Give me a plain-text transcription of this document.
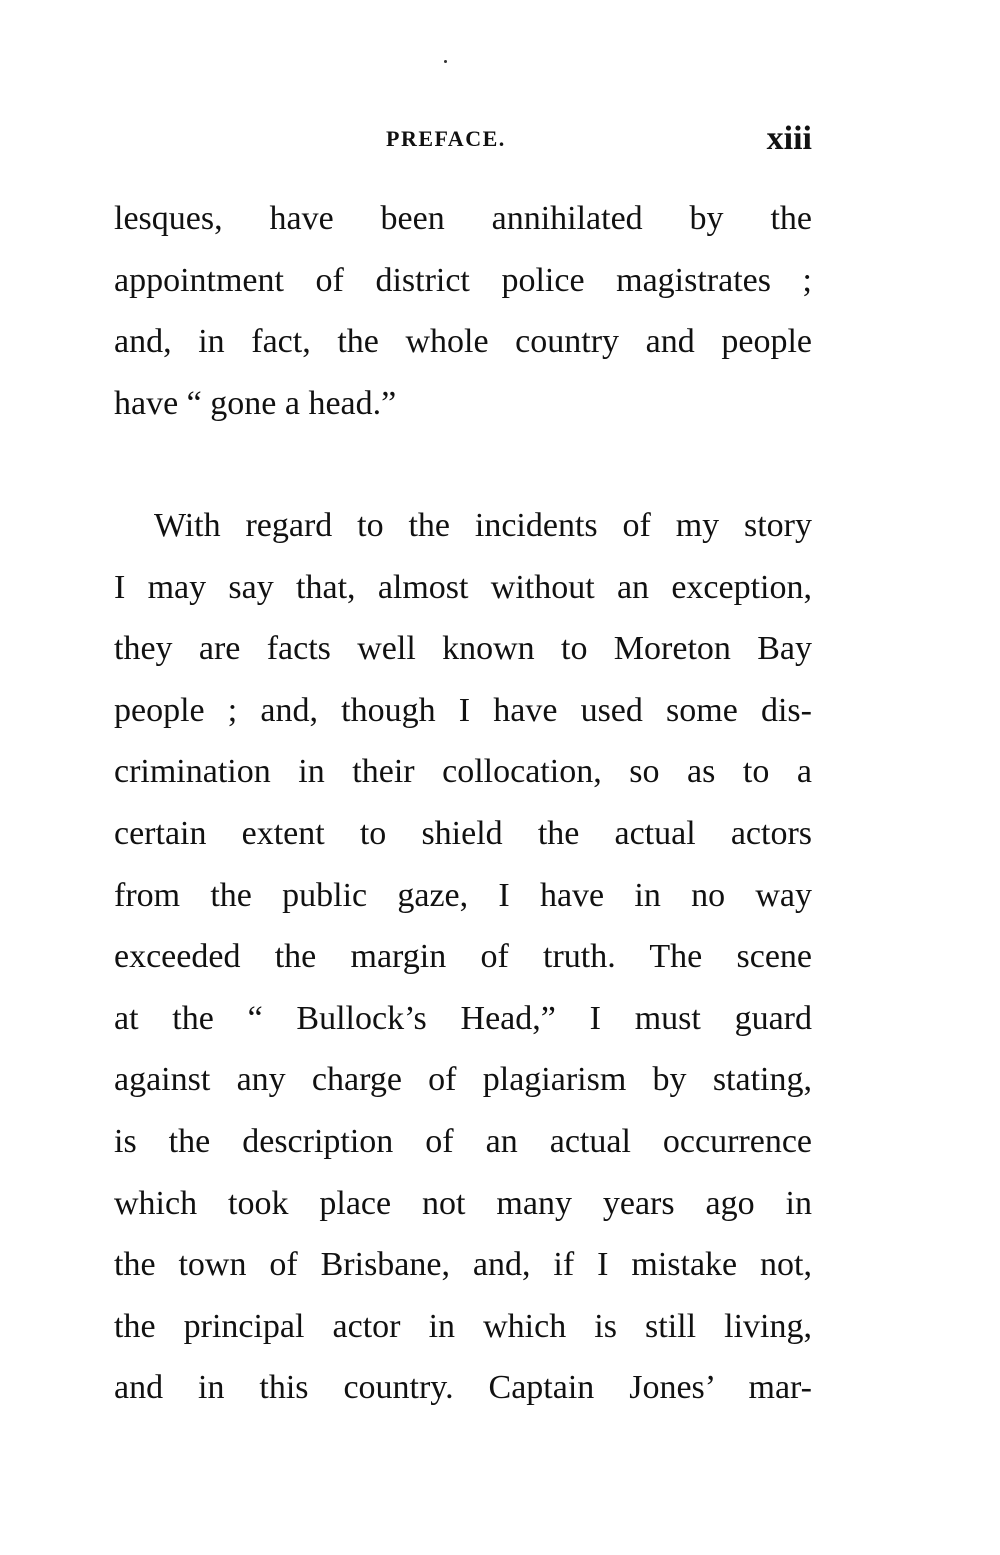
PREFACE.	xiii
lesques, have been annihilated by the
appointment of district police magistrates ;
and, in fact, the whole country and people
have “ gone a head.”
With regard to the incidents of my story
I may say that, almost without an exception,
they are facts well known to Moreton Bay
people ; and, though I have used some dis-
crimination in their collocation, so as to a
certain extent to shield the actual actors
from the public gaze, I have in no way
exceeded the margin of truth. The scene
at the “ Bullock’s Head,” I must guard
against any charge of plagiarism by stating,
is the description of an actual occurrence
which took place not many years ago in
the town of Brisbane, and, if I mistake not,
the principal actor in which is still living,
and in this country. Captain Jones’ mar-
